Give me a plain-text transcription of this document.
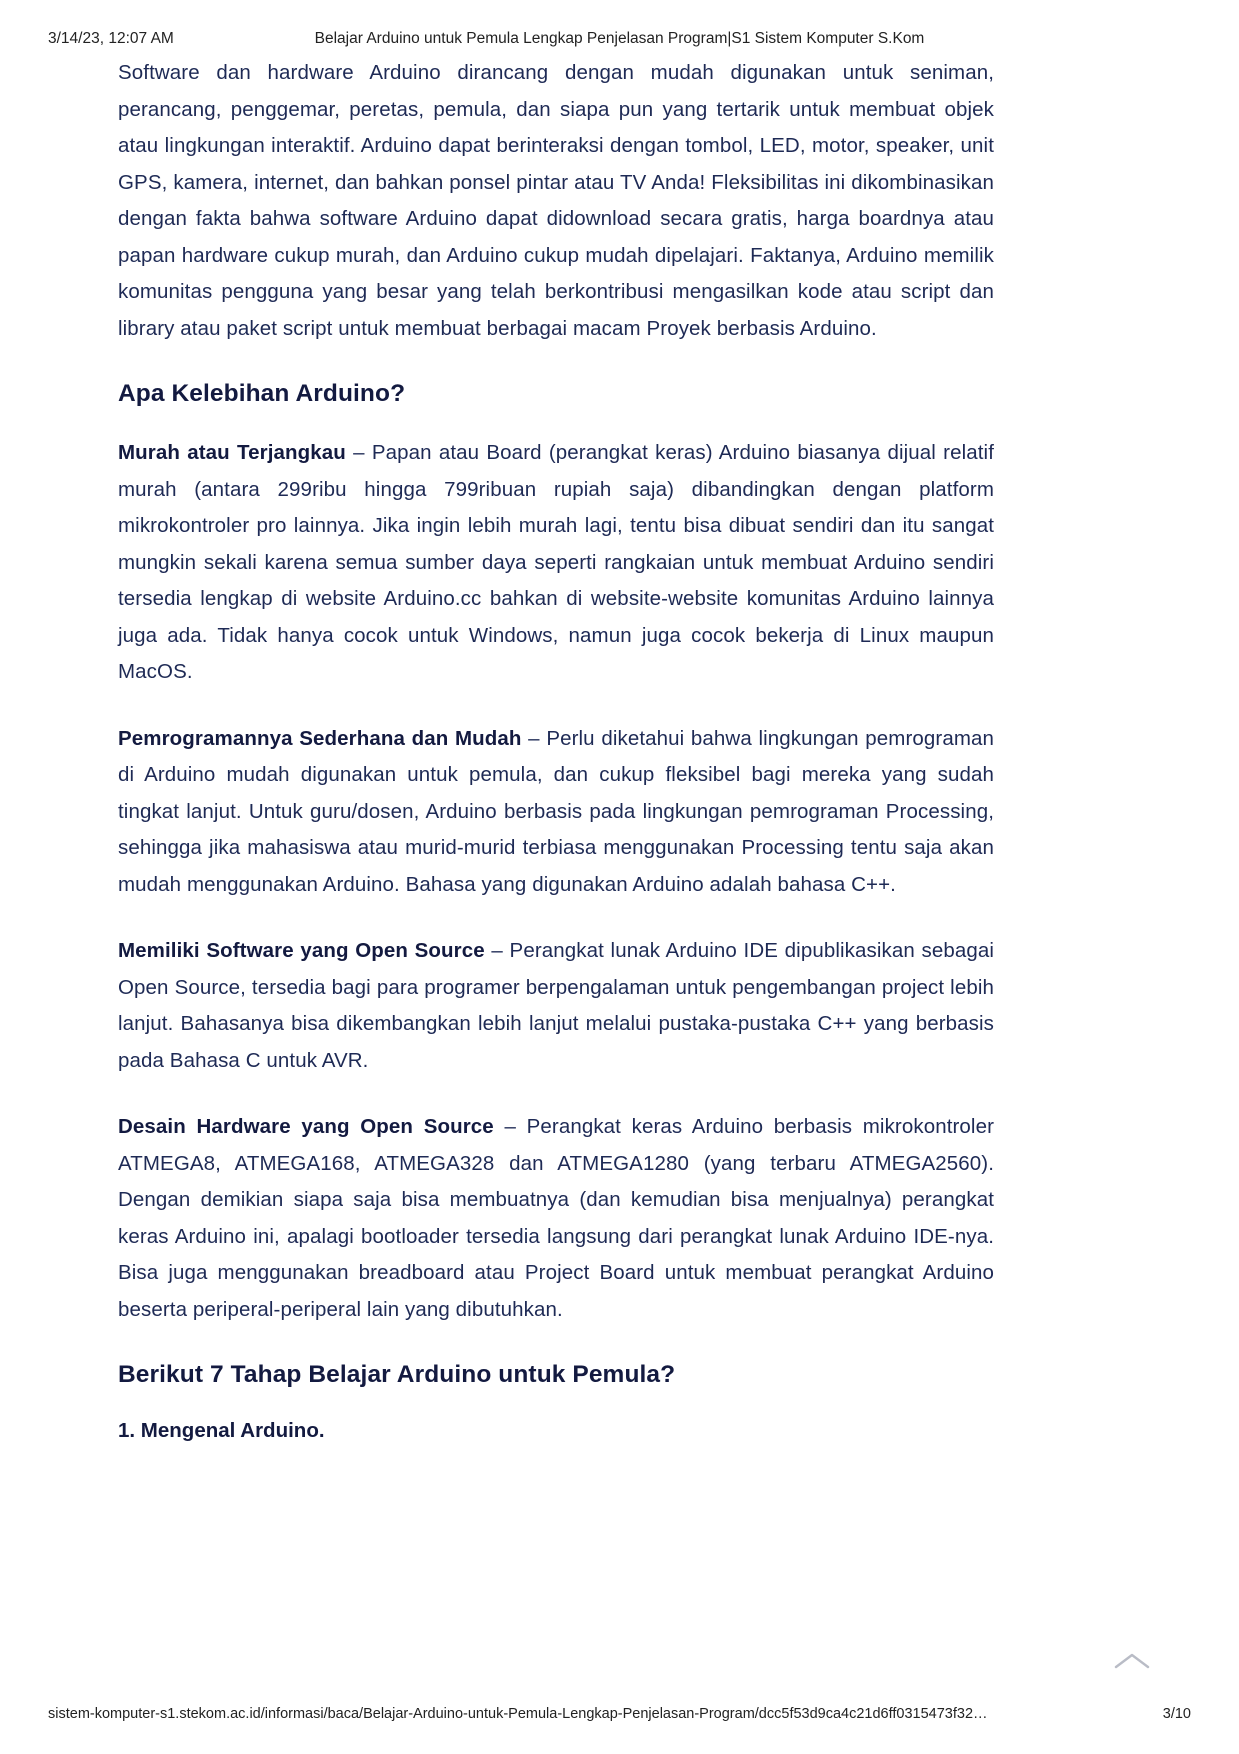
3/14/23, 12:07 AM	Belajar Arduino untuk Pemula Lengkap Penjelasan Program|S1 Sistem Komputer S.Kom

Software dan hardware Arduino dirancang dengan mudah digunakan untuk seniman, perancang, penggemar, peretas, pemula, dan siapa pun yang tertarik untuk membuat objek atau lingkungan interaktif. Arduino dapat berinteraksi dengan tombol, LED, motor, speaker, unit GPS, kamera, internet, dan bahkan ponsel pintar atau TV Anda! Fleksibilitas ini dikombinasikan dengan fakta bahwa software Arduino dapat didownload secara gratis, harga boardnya atau papan hardware cukup murah, dan Arduino cukup mudah dipelajari. Faktanya, Arduino memilik komunitas pengguna yang besar yang telah berkontribusi mengasilkan kode atau script dan library atau paket script untuk membuat berbagai macam Proyek berbasis Arduino.

Apa Kelebihan Arduino?

Murah atau Terjangkau – Papan atau Board (perangkat keras) Arduino biasanya dijual relatif murah (antara 299ribu hingga 799ribuan rupiah saja) dibandingkan dengan platform mikrokontroler pro lainnya. Jika ingin lebih murah lagi, tentu bisa dibuat sendiri dan itu sangat mungkin sekali karena semua sumber daya seperti rangkaian untuk membuat Arduino sendiri tersedia lengkap di website Arduino.cc bahkan di website-website komunitas Arduino lainnya juga ada. Tidak hanya cocok untuk Windows, namun juga cocok bekerja di Linux maupun MacOS.

Pemrogramannya Sederhana dan Mudah – Perlu diketahui bahwa lingkungan pemrograman di Arduino mudah digunakan untuk pemula, dan cukup fleksibel bagi mereka yang sudah tingkat lanjut. Untuk guru/dosen, Arduino berbasis pada lingkungan pemrograman Processing, sehingga jika mahasiswa atau murid-murid terbiasa menggunakan Processing tentu saja akan mudah menggunakan Arduino. Bahasa yang digunakan Arduino adalah bahasa C++.

Memiliki Software yang Open Source – Perangkat lunak Arduino IDE dipublikasikan sebagai Open Source, tersedia bagi para programer berpengalaman untuk pengembangan project lebih lanjut. Bahasanya bisa dikembangkan lebih lanjut melalui pustaka-pustaka C++ yang berbasis pada Bahasa C untuk AVR.

Desain Hardware yang Open Source – Perangkat keras Arduino berbasis mikrokontroler ATMEGA8, ATMEGA168, ATMEGA328 dan ATMEGA1280 (yang terbaru ATMEGA2560). Dengan demikian siapa saja bisa membuatnya (dan kemudian bisa menjualnya) perangkat keras Arduino ini, apalagi bootloader tersedia langsung dari perangkat lunak Arduino IDE-nya. Bisa juga menggunakan breadboard atau Project Board untuk membuat perangkat Arduino beserta periperal-periperal lain yang dibutuhkan.

Berikut 7 Tahap Belajar Arduino untuk Pemula?
1. Mengenal Arduino.
sistem-komputer-s1.stekom.ac.id/informasi/baca/Belajar-Arduino-untuk-Pemula-Lengkap-Penjelasan-Program/dcc5f53d9ca4c21d6ff0315473f32…	3/10
